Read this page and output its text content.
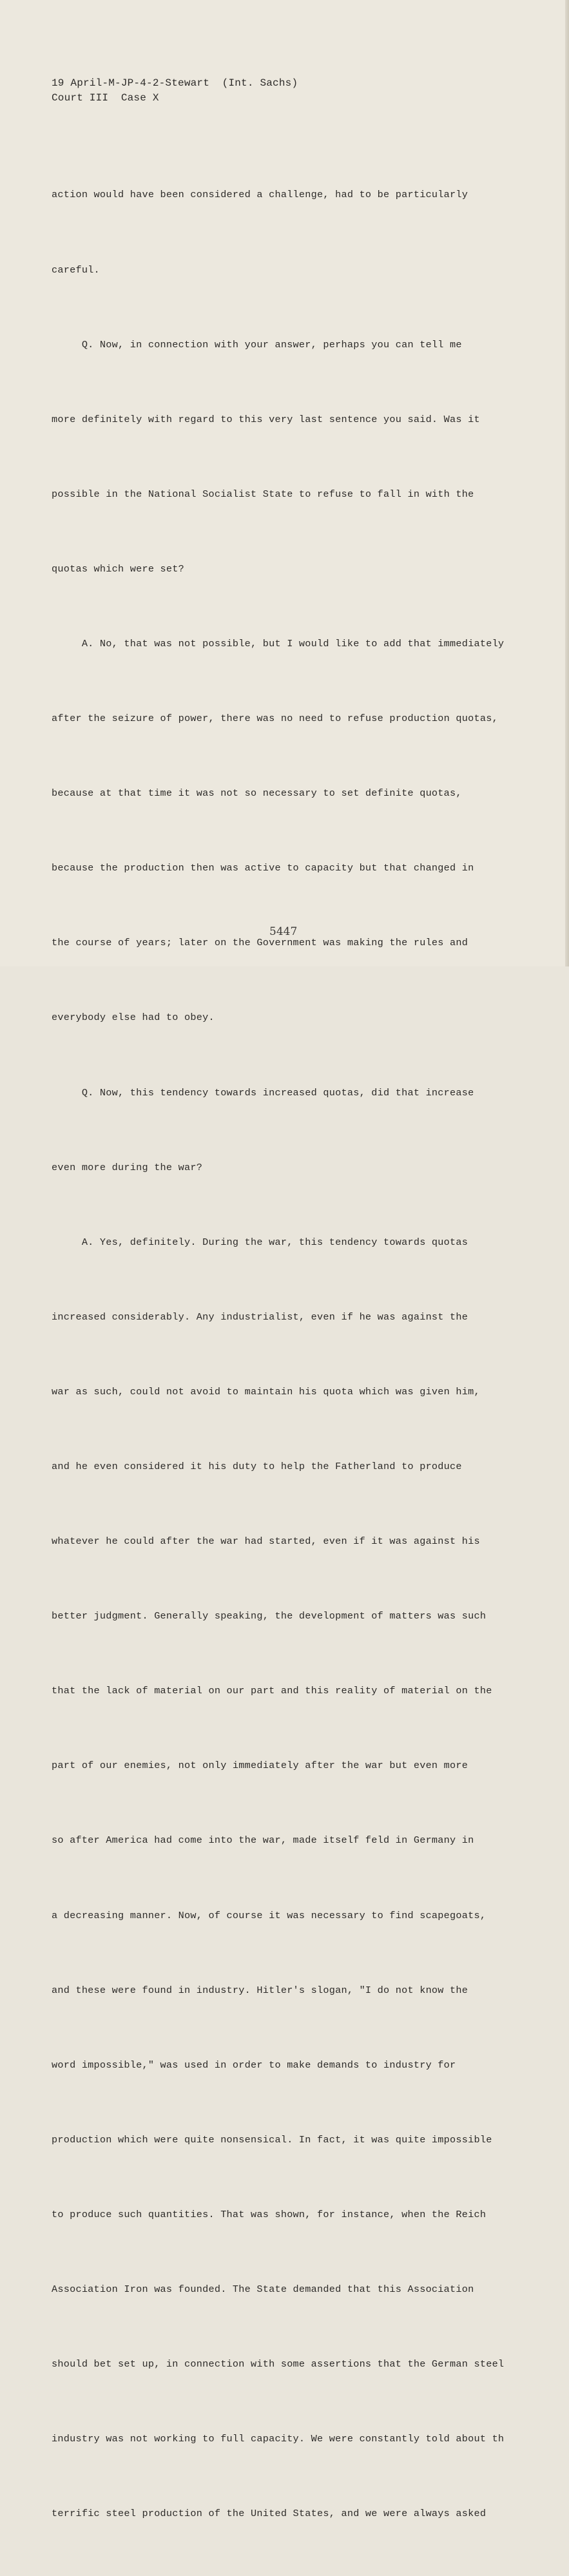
19 April-M-JP-4-2-Stewart  (Int. Sachs)
Court III  Case X

action would have been considered a challenge, had to be particularly

careful.

Q. Now, in connection with your answer, perhaps you can tell me

more definitely with regard to this very last sentence you said. Was it

possible in the National Socialist State to refuse to fall in with the

quotas which were set?

A. No, that was not possible, but I would like to add that immediately

after the seizure of power, there was no need to refuse production quotas,

because at that time it was not so necessary to set definite quotas,

because the production then was active to capacity but that changed in

the course of years; later on the Government was making the rules and

everybody else had to obey.

Q. Now, this tendency towards increased quotas, did that increase

even more during the war?

A. Yes, definitely. During the war, this tendency towards quotas

increased considerably. Any industrialist, even if he was against the

war as such, could not avoid to maintain his quota which was given him,

and he even considered it his duty to help the Fatherland to produce

whatever he could after the war had started, even if it was against his

better judgment. Generally speaking, the development of matters was such

that the lack of material on our part and this reality of material on the

part of our enemies, not only immediately after the war but even more

so after America had come into the war, made itself feld in Germany in

a decreasing manner. Now, of course it was necessary to find scapegoats,

and these were found in industry. Hitler's slogan, "I do not know the

word impossible," was used in order to make demands to industry for

production which were quite nonsensical. In fact, it was quite impossible

to produce such quantities. That was shown, for instance, when the Reich

Association Iron was founded. The State demanded that this Association

should bet set up, in connection with some assertions that the German steel

industry was not working to full capacity. We were constantly told about th

terrific steel production of the United States, and we were always asked

5447
